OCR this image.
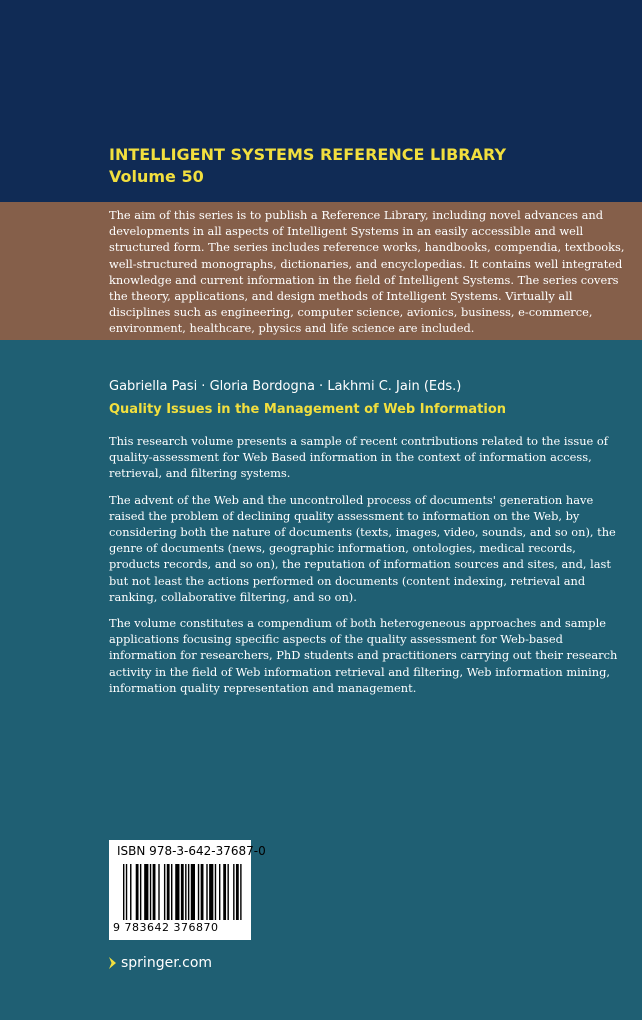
INTELLIGENT SYSTEMS REFERENCE LIBRARY
Volume 50

The aim of this series is to publish a Reference Library, including novel advances and developments in all aspects of Intelligent Systems in an easily accessible and well structured form. The series includes reference works, handbooks, compendia, textbooks, well-structured monographs, dictionaries, and encyclopedias. It contains well integrated knowledge and current information in the field of Intelligent Systems. The series covers the theory, applications, and design methods of Intelligent Systems. Virtually all disciplines such as engineering, computer science, avionics, business, e-commerce, environment, healthcare, physics and life science are included.

Gabriella Pasi · Gloria Bordogna · Lakhmi C. Jain (Eds.)
Quality Issues in the Management of Web Information

This research volume presents a sample of recent contributions related to the issue of quality-assessment for Web Based information in the context of information access, retrieval, and filtering systems.

The advent of the Web and the uncontrolled process of documents' generation have raised the problem of declining quality assessment to information on the Web, by considering both the nature of documents (texts, images, video, sounds, and so on), the genre of documents (news, geographic information, ontologies, medical records, products records, and so on), the reputation of information sources and sites, and, last but not least the actions performed on documents (content indexing, retrieval and ranking, collaborative filtering, and so on).

The volume constitutes a compendium of both heterogeneous approaches and sample applications focusing specific aspects of the quality assessment for Web-based information for researchers, PhD students and practitioners carrying out their research activity in the field of Web information retrieval and filtering, Web information mining, information quality representation and management.

ISBN 978-3-642-37687-0
9 783642 376870
springer.com
